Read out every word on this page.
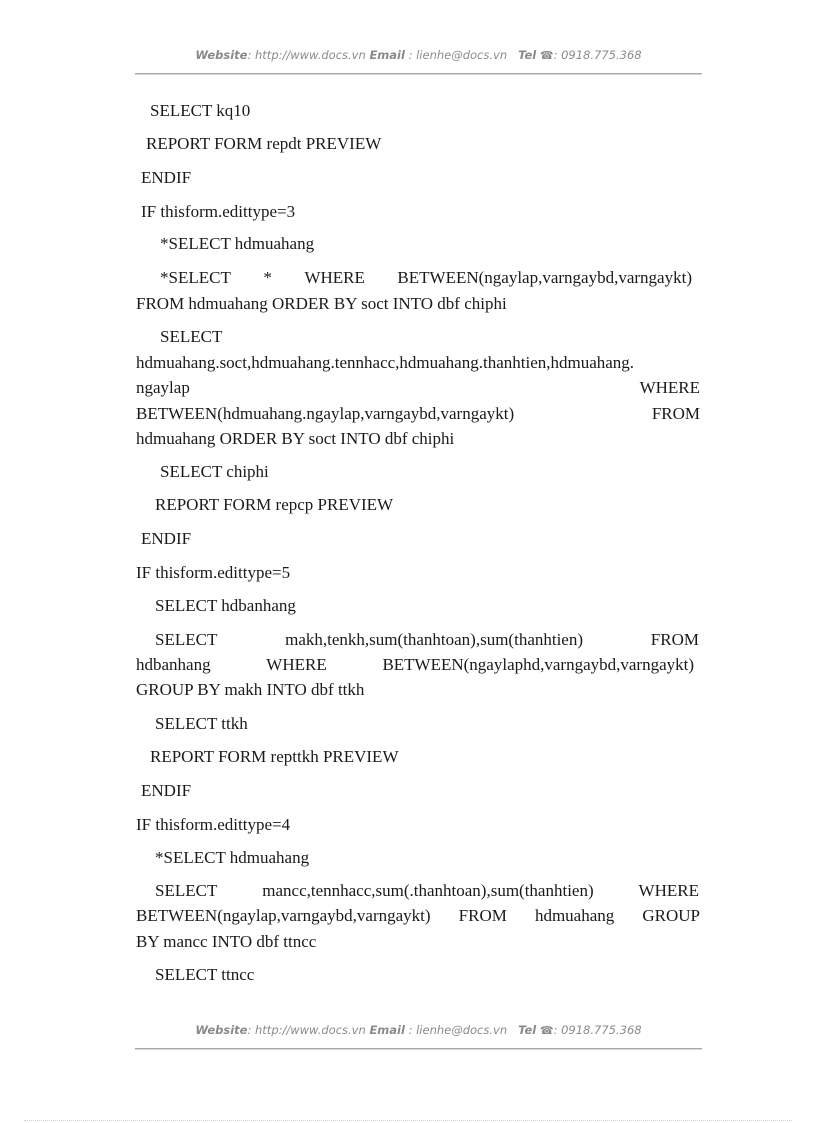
Website: http://www.docs.vn Email : lienhe@docs.vn Tel ☎: 0918.775.368

SELECT kq10

REPORT FORM repdt PREVIEW

ENDIF

IF thisform.edittype=3

*SELECT hdmuahang

*SELECT * WHERE BETWEEN(ngaylap,varngaybd,varngaykt)

FROM hdmuahang ORDER BY soct INTO dbf chiphi

SELECT

hdmuahang.soct,hdmuahang.tennhacc,hdmuahang.thanhtien,hdmuahang.

ngaylap	WHERE
BETWEEN(hdmuahang.ngaylap,varngaybd,varngaykt)	FROM

hdmuahang ORDER BY soct INTO dbf chiphi

SELECT chiphi

REPORT FORM repcp PREVIEW

ENDIF

IF thisform.edittype=5

SELECT hdbanhang

SELECT	makh,tenkh,sum(thanhtoan),sum(thanhtien)	FROM
hdbanhang	WHERE	BETWEEN(ngaylaphd,varngaybd,varngaykt)

GROUP BY makh INTO dbf ttkh

SELECT ttkh

REPORT FORM repttkh PREVIEW

ENDIF

IF thisform.edittype=4

*SELECT hdmuahang

SELECT	mancc,tennhacc,sum(.thanhtoan),sum(thanhtien)	WHERE
BETWEEN(ngaylap,varngaybd,varngaykt) FROM hdmuahang GROUP

BY mancc INTO dbf ttncc

SELECT ttncc

Website: http://www.docs.vn Email : lienhe@docs.vn Tel ☎: 0918.775.368
